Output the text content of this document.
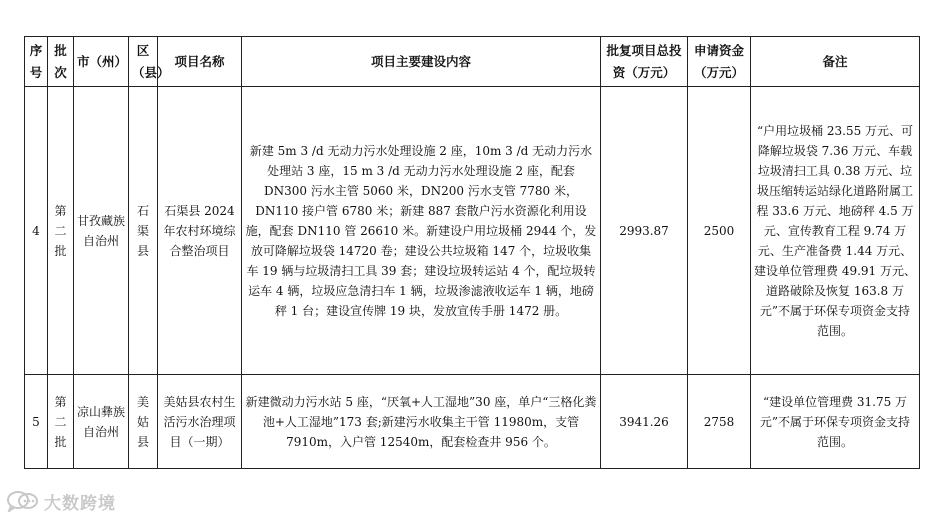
序号	批次	市（州）	区（县）	项目名称	项目主要建设内容	批复项目总投资（万元）	申请资金（万元）	备注
4	第二批	甘孜藏族自治州	石渠县	石渠县 2024 年农村环境综合整治项目	新建 5m 3 /d 无动力污水处理设施 2 座，10m 3 /d 无动力污水处理站 3 座，15 m 3 /d 无动力污水处理设施 2 座，配套 DN300 污水主管 5060 米，DN200 污水支管 7780 米，DN110 接户管 6780 米；新建 887 套散户污水资源化利用设施，配套 DN110 管 26610 米。新建设户用垃圾桶 2944 个，发放可降解垃圾袋 14720 卷；建设公共垃圾箱 147 个，垃圾收集车 19 辆与垃圾清扫工具 39 套；建设垃圾转运站 4 个，配垃圾转运车 4 辆，垃圾应急清扫车 1 辆，垃圾渗滤液收运车 1 辆，地磅秤 1 台；建设宣传牌 19 块，发放宣传手册 1472 册。	2993.87	2500	“户用垃圾桶 23.55 万元、可降解垃圾袋 7.36 万元、车载垃圾清扫工具 0.38 万元、垃圾压缩转运站绿化道路附属工程 33.6 万元、地磅秤 4.5 万元、宣传教育工程 9.74 万元、生产准备费 1.44 万元、建设单位管理费 49.91 万元、道路破除及恢复 163.8 万元”不属于环保专项资金支持范围。
5	第二批	凉山彝族自治州	美姑县	美姑县农村生活污水治理项目（一期）	新建微动力污水站 5 座，“厌氧+人工湿地”30 座，单户“三格化粪池+人工湿地”173 套;新建污水收集主干管 11980m，支管 7910m，入户管 12540m，配套检查井 956 个。	3941.26	2758	“建设单位管理费 31.75 万元”不属于环保专项资金支持范围。
大数跨境
